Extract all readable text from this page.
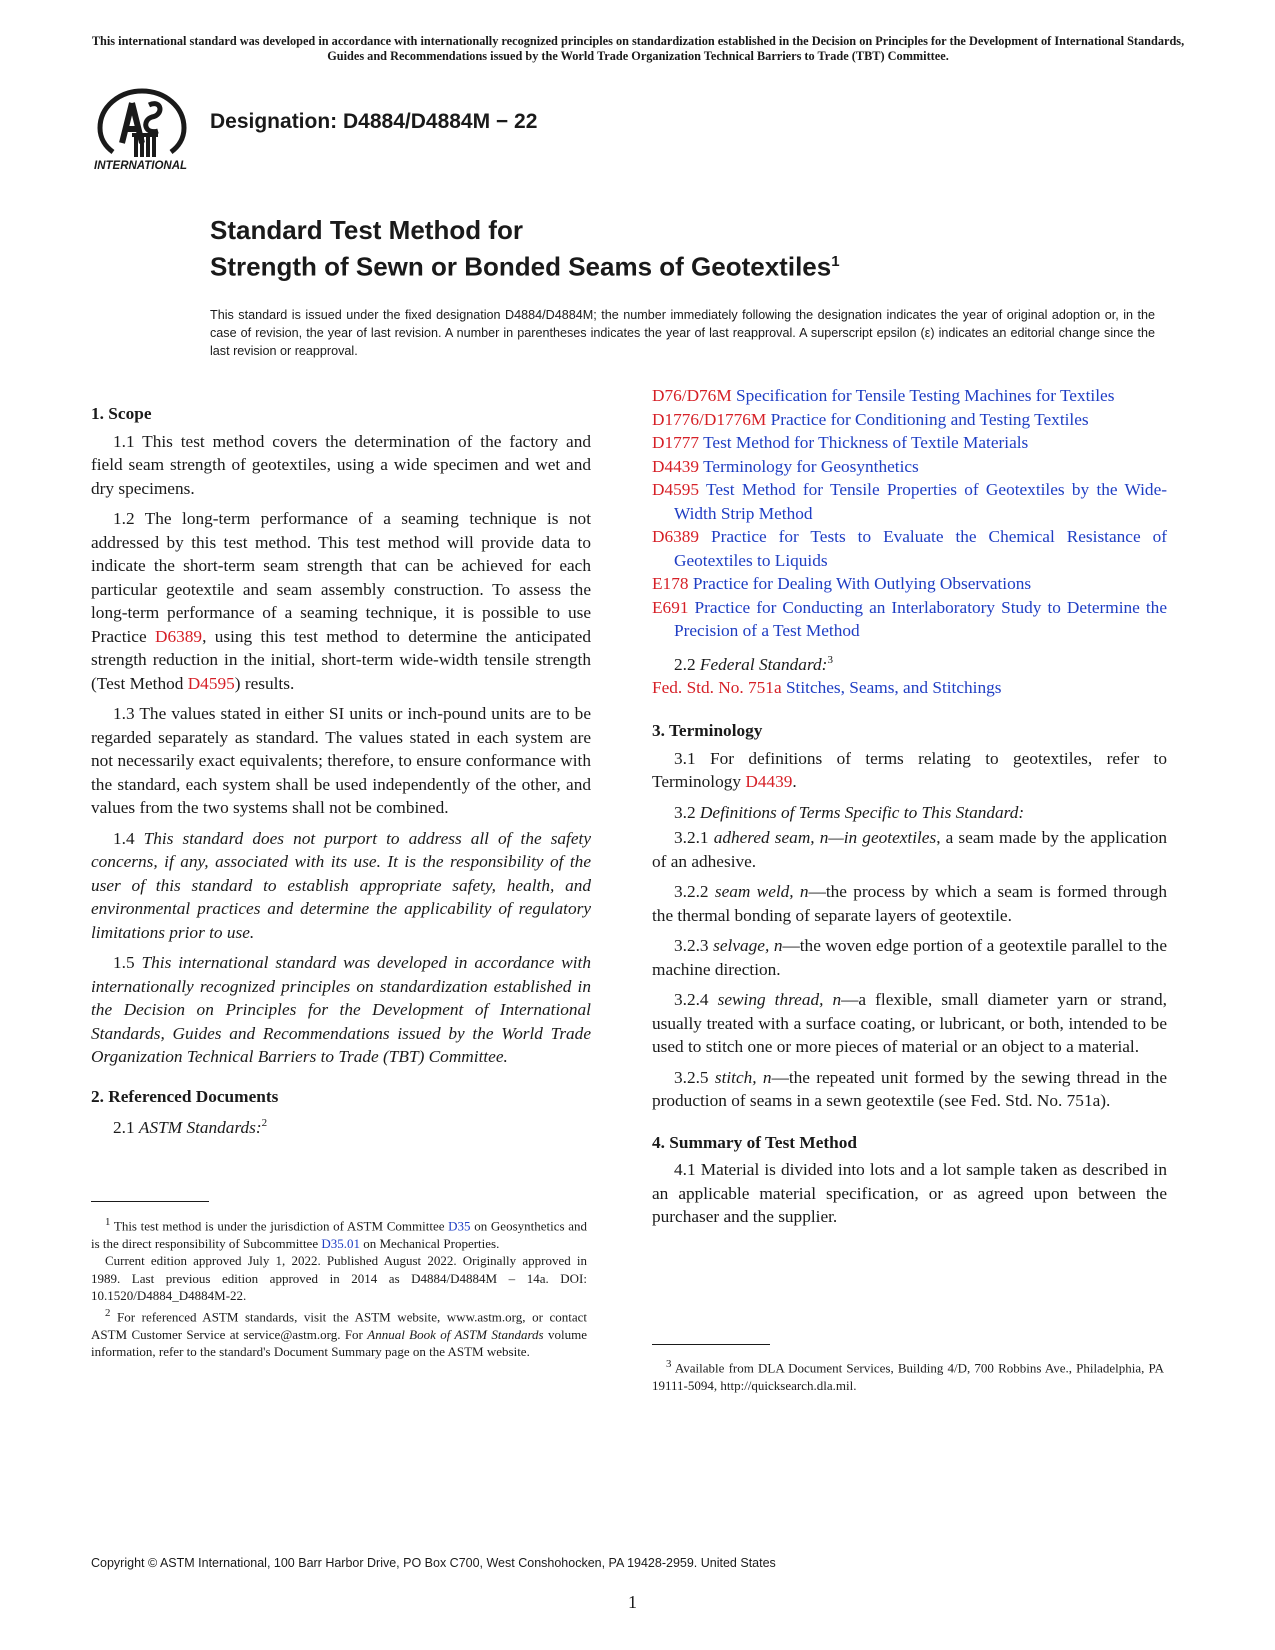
This international standard was developed in accordance with internationally recognized principles on standardization established in the Decision on Principles for the Development of International Standards, Guides and Recommendations issued by the World Trade Organization Technical Barriers to Trade (TBT) Committee.
INTERNATIONAL
Designation: D4884/D4884M − 22
Standard Test Method for
Strength of Sewn or Bonded Seams of Geotextiles$^1$
This standard is issued under the fixed designation D4884/D4884M; the number immediately following the designation indicates the year of original adoption or, in the case of revision, the year of last revision. A number in parentheses indicates the year of last reapproval. A superscript epsilon (ε) indicates an editorial change since the last revision or reapproval.
1. Scope

1.1 This test method covers the determination of the factory and field seam strength of geotextiles, using a wide specimen and wet and dry specimens.

1.2 The long-term performance of a seaming technique is not addressed by this test method. This test method will provide data to indicate the short-term seam strength that can be achieved for each particular geotextile and seam assembly construction. To assess the long-term performance of a seaming technique, it is possible to use Practice D6389, using this test method to determine the anticipated strength reduction in the initial, short-term wide-width tensile strength (Test Method D4595) results.

1.3 The values stated in either SI units or inch-pound units are to be regarded separately as standard. The values stated in each system are not necessarily exact equivalents; therefore, to ensure conformance with the standard, each system shall be used independently of the other, and values from the two systems shall not be combined.

1.4 This standard does not purport to address all of the safety concerns, if any, associated with its use. It is the responsibility of the user of this standard to establish appropriate safety, health, and environmental practices and determine the applicability of regulatory limitations prior to use.

1.5 This international standard was developed in accordance with internationally recognized principles on standardization established in the Decision on Principles for the Development of International Standards, Guides and Recommendations issued by the World Trade Organization Technical Barriers to Trade (TBT) Committee.

2. Referenced Documents

2.1 ASTM Standards:$^2$

$^1$ This test method is under the jurisdiction of ASTM Committee D35 on Geosynthetics and is the direct responsibility of Subcommittee D35.01 on Mechanical Properties.

Current edition approved July 1, 2022. Published August 2022. Originally approved in 1989. Last previous edition approved in 2014 as D4884/D4884M – 14a. DOI: 10.1520/D4884_D4884M-22.

$^2$ For referenced ASTM standards, visit the ASTM website, www.astm.org, or contact ASTM Customer Service at service@astm.org. For Annual Book of ASTM Standards volume information, refer to the standard's Document Summary page on the ASTM website.

D76/D76M Specification for Tensile Testing Machines for Textiles

D1776/D1776M Practice for Conditioning and Testing Textiles

D1777 Test Method for Thickness of Textile Materials

D4439 Terminology for Geosynthetics

D4595 Test Method for Tensile Properties of Geotextiles by the Wide-Width Strip Method

D6389 Practice for Tests to Evaluate the Chemical Resistance of Geotextiles to Liquids

E178 Practice for Dealing With Outlying Observations

E691 Practice for Conducting an Interlaboratory Study to Determine the Precision of a Test Method

2.2 Federal Standard:$^3$

Fed. Std. No. 751a Stitches, Seams, and Stitchings

3. Terminology

3.1 For definitions of terms relating to geotextiles, refer to Terminology D4439.

3.2 Definitions of Terms Specific to This Standard:

3.2.1 adhered seam, n—in geotextiles, a seam made by the application of an adhesive.

3.2.2 seam weld, n—the process by which a seam is formed through the thermal bonding of separate layers of geotextile.

3.2.3 selvage, n—the woven edge portion of a geotextile parallel to the machine direction.

3.2.4 sewing thread, n—a flexible, small diameter yarn or strand, usually treated with a surface coating, or lubricant, or both, intended to be used to stitch one or more pieces of material or an object to a material.

3.2.5 stitch, n—the repeated unit formed by the sewing thread in the production of seams in a sewn geotextile (see Fed. Std. No. 751a).

4. Summary of Test Method

4.1 Material is divided into lots and a lot sample taken as described in an applicable material specification, or as agreed upon between the purchaser and the supplier.

$^3$ Available from DLA Document Services, Building 4/D, 700 Robbins Ave., Philadelphia, PA 19111-5094, http://quicksearch.dla.mil.

Copyright © ASTM International, 100 Barr Harbor Drive, PO Box C700, West Conshohocken, PA 19428-2959. United States
1
